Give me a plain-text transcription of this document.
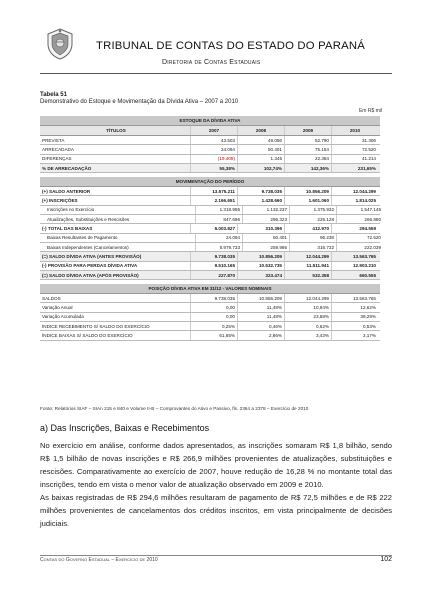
TRIBUNAL DE CONTAS DO ESTADO DO PARANÁ
Diretoria de Contas Estaduais
Tabela 51
Demonstrativo do Estoque e Movimentação da Dívida Ativa – 2007 a 2010
Em R$ mil
ESTOQUE DA DÍVIDA ATIVA
TÍTULOS	2007	2008	2009	2010
PREVISTA	43.503	49.056	52.790	31.306
ARRECADADA	24.094	50.401	75.154	72.520
DIFERENÇAS	(19.409)	1.345	22.364	41.214
% DE ARRECADAÇÃO	55,38%	102,74%	142,36%	231,65%
MOVIMENTAÇÃO DO PERÍODO
(+) SALDO ANTERIOR	13.575.211	9.738.035	10.856.209	12.044.299
(+) INSCRIÇÕES	2.166.651	1.428.660	1.601.060	1.814.025
Inscrições no Exercício	1.318.955	1.132.237	1.375.932	1.547.145
Atualizações, Substituições e Rescisões	847.696	296.323	225.128	266.880
(-) TOTAL DAS BAIXAS	6.003.827	310.396	412.970	294.559
Baixas Resultantes de Pagamento	24.094	50.401	96.238	72.520
Baixas Independentes (Cancelamentos)	5.979.733	259.995	316.732	222.039
(=) SALDO DÍVIDA ATIVA (ANTES PROVISÃO)	9.738.035	10.856.209	12.044.299	13.563.765
(-) PROVISÃO PARA PERDAS DÍVIDA ATIVA	9.510.165	10.532.735	11.511.941	12.903.210
(=) SALDO DÍVIDA ATIVA (APÓS PROVISÃO)	227.870	323.474	532.358	660.555
POSIÇÃO DÍVIDA ATIVA EM 31/12 - VALORES NOMINAIS
SALDOS	9.738.035	10.856.209	12.044.299	13.563.765
Variação Anual	0,00	11,48%	10,94%	12,62%
Variação Acumulada	0,00	11,48%	23,68%	39,29%
ÍNDICE RECEBIMENTO S/ SALDO DO EXERCÍCIO	0,25%	0,46%	0,62%	0,53%
ÍNDICE BAIXAS S/ SALDO DO EXERCÍCIO	61,65%	2,86%	3,43%	2,17%
Fonte: Relatórios SIAF – SIAn 215 e 840 e Volume II-B – Comprovantes do Ativo e Passivo, fls. 2364 a 2378 – Exercício de 2010
a) Das Inscrições, Baixas e Recebimentos
No exercício em análise, conforme dados apresentados, as inscrições somaram R$ 1,8 bilhão, sendo R$ 1,5 bilhão de novas inscrições e R$ 266,9 milhões provenientes de atualizações, substituições e rescisões. Comparativamente ao exercício de 2007, houve redução de 16,28 % no montante total das inscrições, tendo em vista o menor valor de atualização observado em 2009 e 2010.
As baixas registradas de R$ 294,6 milhões resultaram de pagamento de R$ 72,5 milhões e de R$ 222 milhões provenientes de cancelamentos dos créditos inscritos, em vista principalmente de decisões judiciais.
Contas do Governo Estadual – Exercício de 2010	102
